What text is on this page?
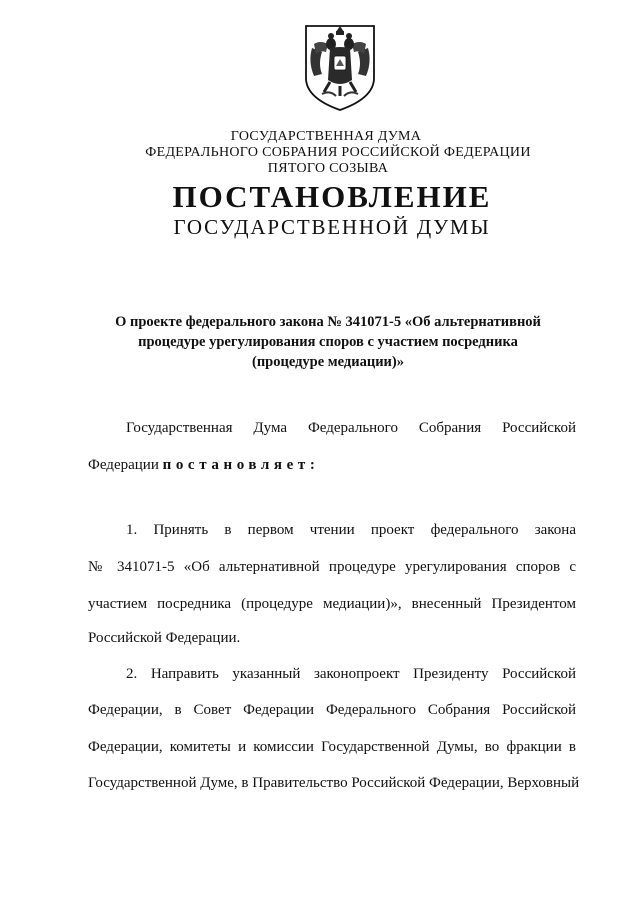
ГОСУДАРСТВЕННАЯ ДУМА
ФЕДЕРАЛЬНОГО СОБРАНИЯ РОССИЙСКОЙ ФЕДЕРАЦИИ
ПЯТОГО СОЗЫВА
ПОСТАНОВЛЕНИЕ
ГОСУДАРСТВЕННОЙ ДУМЫ
О проекте федерального закона № 341071-5 «Об альтернативной
процедуре урегулирования споров с участием посредника
(процедуре медиации)»
Государственная Дума Федерального Собрания Российской
Федерации постановляет:
1. Принять в первом чтении проект федерального закона
№ 341071-5 «Об альтернативной процедуре урегулирования споров с
участием посредника (процедуре медиации)», внесенный Президентом
Российской Федерации.
2. Направить указанный законопроект Президенту Российской
Федерации, в Совет Федерации Федерального Собрания Российской
Федерации, комитеты и комиссии Государственной Думы, во фракции в
Государственной Думе, в Правительство Российской Федерации, Верховный
